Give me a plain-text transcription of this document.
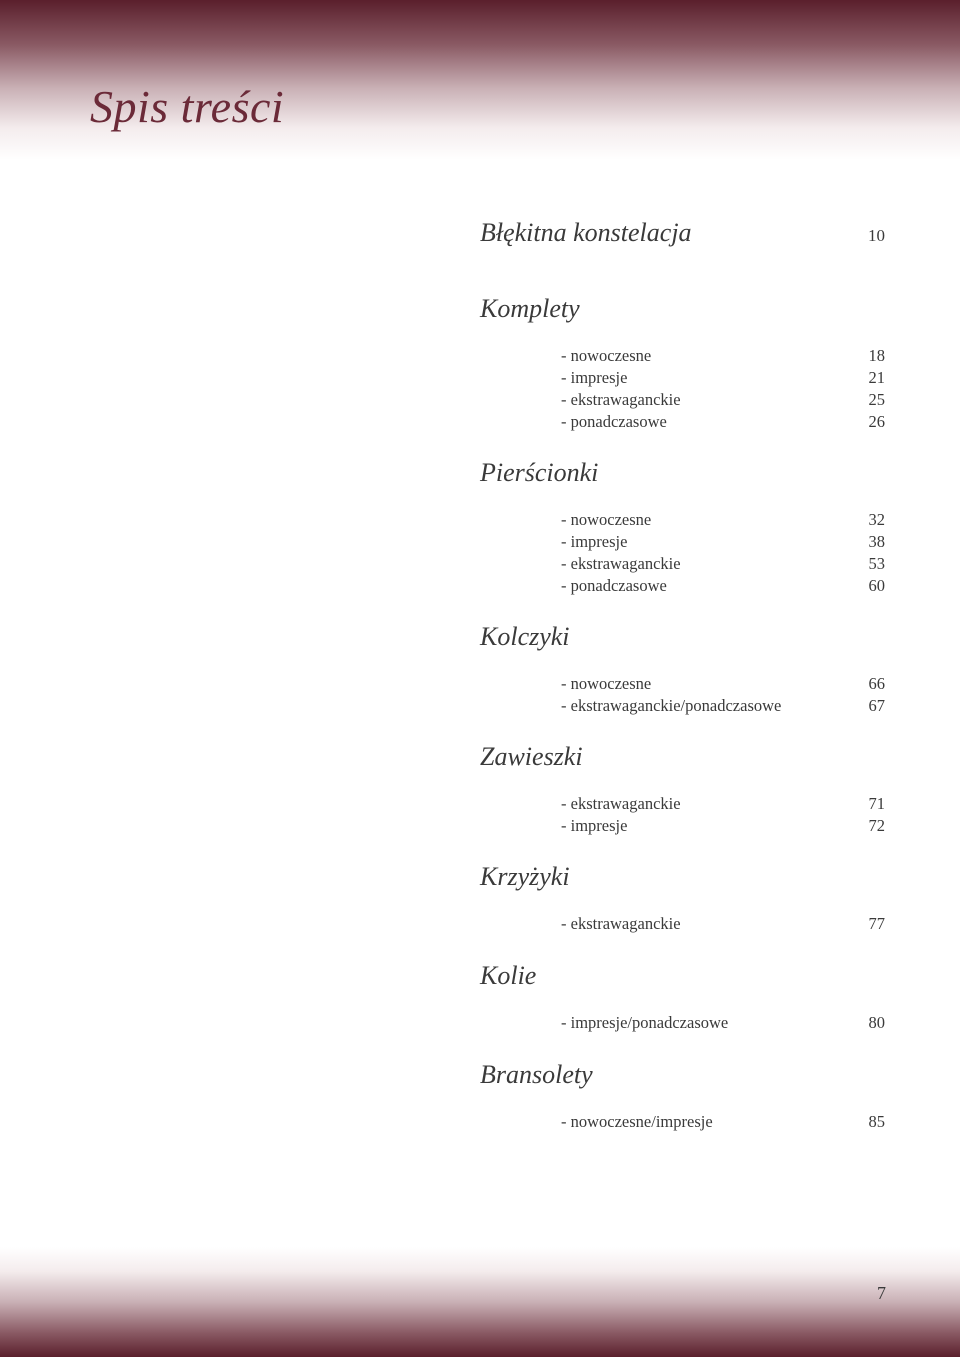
Spis treści
Błękitna konstelacja	10
Komplety
- nowoczesne	18
- impresje	21
- ekstrawaganckie	25
- ponadczasowe	26
Pierścionki
- nowoczesne	32
- impresje	38
- ekstrawaganckie	53
- ponadczasowe	60
Kolczyki
- nowoczesne	66
- ekstrawaganckie/ponadczasowe	67
Zawieszki
- ekstrawaganckie	71
- impresje	72
Krzyżyki
- ekstrawaganckie	77
Kolie
- impresje/ponadczasowe	80
Bransolety
- nowoczesne/impresje	85
7
